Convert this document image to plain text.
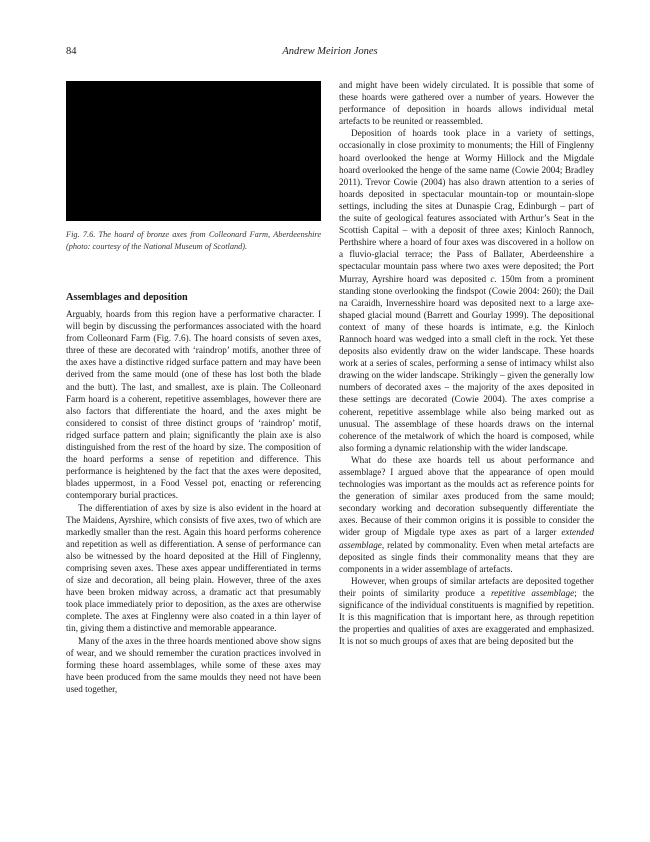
84	Andrew Meirion Jones
Fig. 7.6. The hoard of bronze axes from Colleonard Farm, Aberdeenshire (photo: courtesy of the National Museum of Scotland).
Assemblages and deposition

Arguably, hoards from this region have a performative character. I will begin by discussing the performances associated with the hoard from Colleonard Farm (Fig. 7.6). The hoard consists of seven axes, three of these are decorated with ‘raindrop’ motifs, another three of the axes have a distinctive ridged surface pattern and may have been derived from the same mould (one of these has lost both the blade and the butt). The last, and smallest, axe is plain. The Colleonard Farm hoard is a coherent, repetitive assemblages, however there are also factors that differentiate the hoard, and the axes might be considered to consist of three distinct groups of ‘raindrop’ motif, ridged surface pattern and plain; significantly the plain axe is also distinguished from the rest of the hoard by size. The composition of the hoard performs a sense of repetition and difference. This performance is heightened by the fact that the axes were deposited, blades uppermost, in a Food Vessel pot, enacting or referencing contemporary burial practices.

The differentiation of axes by size is also evident in the hoard at The Maidens, Ayrshire, which consists of five axes, two of which are markedly smaller than the rest. Again this hoard performs coherence and repetition as well as differentiation. A sense of performance can also be witnessed by the hoard deposited at the Hill of Finglenny, comprising seven axes. These axes appear undifferentiated in terms of size and decoration, all being plain. However, three of the axes have been broken midway across, a dramatic act that presumably took place immediately prior to deposition, as the axes are otherwise complete. The axes at Finglenny were also coated in a thin layer of tin, giving them a distinctive and memorable appearance.

Many of the axes in the three hoards mentioned above show signs of wear, and we should remember the curation practices involved in forming these hoard assemblages, while some of these axes may have been produced from the same moulds they need not have been used together,

and might have been widely circulated. It is possible that some of these hoards were gathered over a number of years. However the performance of deposition in hoards allows individual metal artefacts to be reunited or reassembled.

Deposition of hoards took place in a variety of settings, occasionally in close proximity to monuments; the Hill of Finglenny hoard overlooked the henge at Wormy Hillock and the Migdale hoard overlooked the henge of the same name (Cowie 2004; Bradley 2011). Trevor Cowie (2004) has also drawn attention to a series of hoards deposited in spectacular mountain-top or mountain-slope settings, including the sites at Dunaspie Crag, Edinburgh – part of the suite of geological features associated with Arthur’s Seat in the Scottish Capital – with a deposit of three axes; Kinloch Rannoch, Perthshire where a hoard of four axes was discovered in a hollow on a fluvio-glacial terrace; the Pass of Ballater, Aberdeenshire a spectacular mountain pass where two axes were deposited; the Port Murray, Ayrshire hoard was deposited c. 150m from a prominent standing stone overlooking the findspot (Cowie 2004: 260); the Dail na Caraidh, Invernesshire hoard was deposited next to a large axe-shaped glacial mound (Barrett and Gourlay 1999). The depositional context of many of these hoards is intimate, e.g. the Kinloch Rannoch hoard was wedged into a small cleft in the rock. Yet these deposits also evidently draw on the wider landscape. These hoards work at a series of scales, performing a sense of intimacy whilst also drawing on the wider landscape. Strikingly – given the generally low numbers of decorated axes – the majority of the axes deposited in these settings are decorated (Cowie 2004). The axes comprise a coherent, repetitive assemblage while also being marked out as unusual. The assemblage of these hoards draws on the internal coherence of the metalwork of which the hoard is composed, while also forming a dynamic relationship with the wider landscape.

What do these axe hoards tell us about performance and assemblage? I argued above that the appearance of open mould technologies was important as the moulds act as reference points for the generation of similar axes produced from the same mould; secondary working and decoration subsequently differentiate the axes. Because of their common origins it is possible to consider the wider group of Migdale type axes as part of a larger extended assemblage, related by commonality. Even when metal artefacts are deposited as single finds their commonality means that they are components in a wider assemblage of artefacts.

However, when groups of similar artefacts are deposited together their points of similarity produce a repetitive assemblage; the significance of the individual constituents is magnified by repetition. It is this magnification that is important here, as through repetition the properties and qualities of axes are exaggerated and emphasized. It is not so much groups of axes that are being deposited but the
